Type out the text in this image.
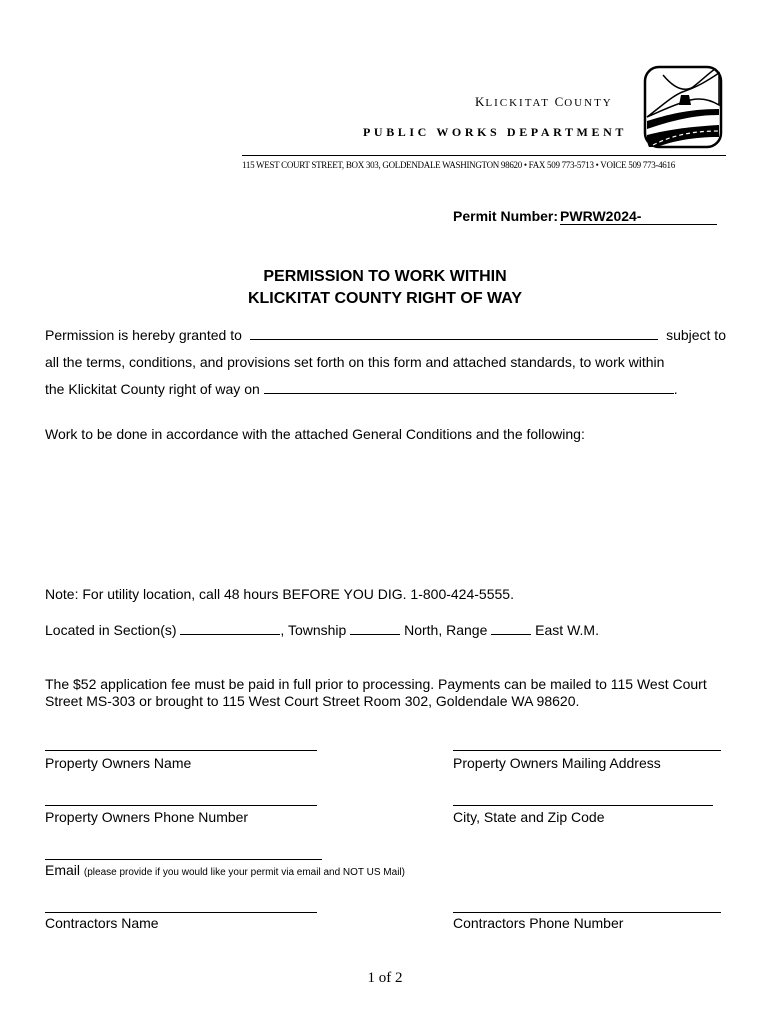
KLICKITAT COUNTY
PUBLIC WORKS DEPARTMENT
115 WEST COURT STREET, BOX 303, GOLDENDALE WASHINGTON 98620 • FAX 509 773-5713 • VOICE 509 773-4616
Permit Number: PWRW2024-
PERMISSION TO WORK WITHIN
KLICKITAT COUNTY RIGHT OF WAY
Permission is hereby granted to	subject to
all the terms, conditions, and provisions set forth on this form and attached standards, to work within
the Klickitat County right of way on	.
Work to be done in accordance with the attached General Conditions and the following:
Note: For utility location, call 48 hours BEFORE YOU DIG. 1-800-424-5555.
Located in Section(s)	, Township	North, Range	East W.M.
The $52 application fee must be paid in full prior to processing. Payments can be mailed to 115 West Court Street MS-303 or brought to 115 West Court Street Room 302, Goldendale WA 98620.
Property Owners Name	Property Owners Mailing Address
Property Owners Phone Number	City, State and Zip Code
Email (please provide if you would like your permit via email and NOT US Mail)
Contractors Name	Contractors Phone Number
1 of 2
